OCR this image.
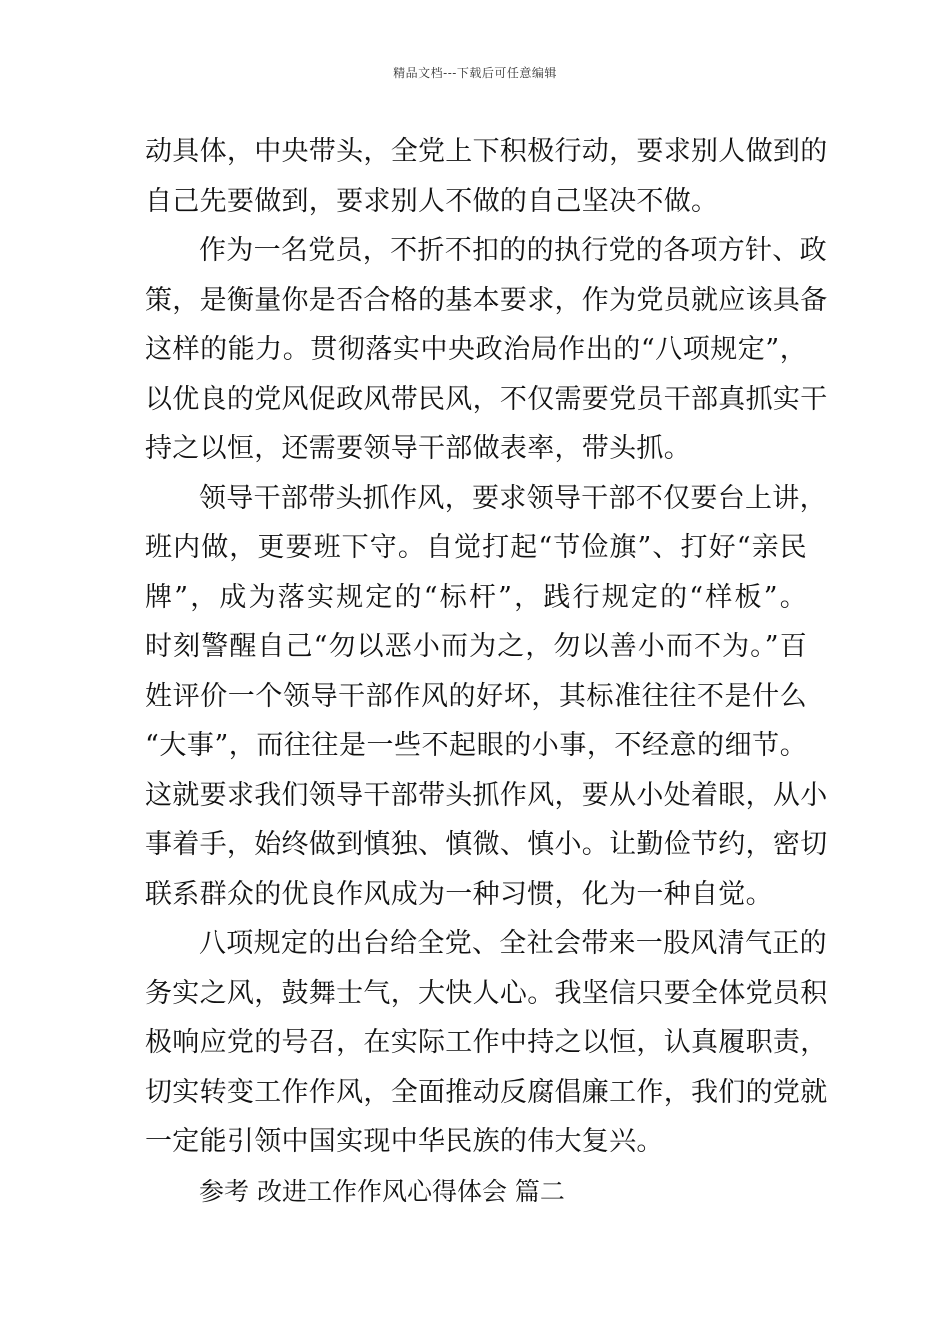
精品文档---下载后可任意编辑
动具体，中央带头，全党上下积极行动，要求别人做到的
自己先要做到，要求别人不做的自己坚决不做。
作为一名党员，不折不扣的的执行党的各项方针、政
策，是衡量你是否合格的基本要求，作为党员就应该具备
这样的能力。贯彻落实中央政治局作出的“八项规定”，
以优良的党风促政风带民风，不仅需要党员干部真抓实干
持之以恒，还需要领导干部做表率，带头抓。
领导干部带头抓作风，要求领导干部不仅要台上讲，
班内做，更要班下守。自觉打起“节俭旗”、打好“亲民
牌”，成为落实规定的“标杆”，践行规定的“样板”。
时刻警醒自己“勿以恶小而为之，勿以善小而不为。”百
姓评价一个领导干部作风的好坏，其标准往往不是什么
“大事”，而往往是一些不起眼的小事，不经意的细节。
这就要求我们领导干部带头抓作风，要从小处着眼，从小
事着手，始终做到慎独、慎微、慎小。让勤俭节约，密切
联系群众的优良作风成为一种习惯，化为一种自觉。
八项规定的出台给全党、全社会带来一股风清气正的
务实之风，鼓舞士气，大快人心。我坚信只要全体党员积
极响应党的号召，在实际工作中持之以恒，认真履职责，
切实转变工作作风，全面推动反腐倡廉工作，我们的党就
一定能引领中国实现中华民族的伟大复兴。
参考 改进工作作风心得体会 篇二
